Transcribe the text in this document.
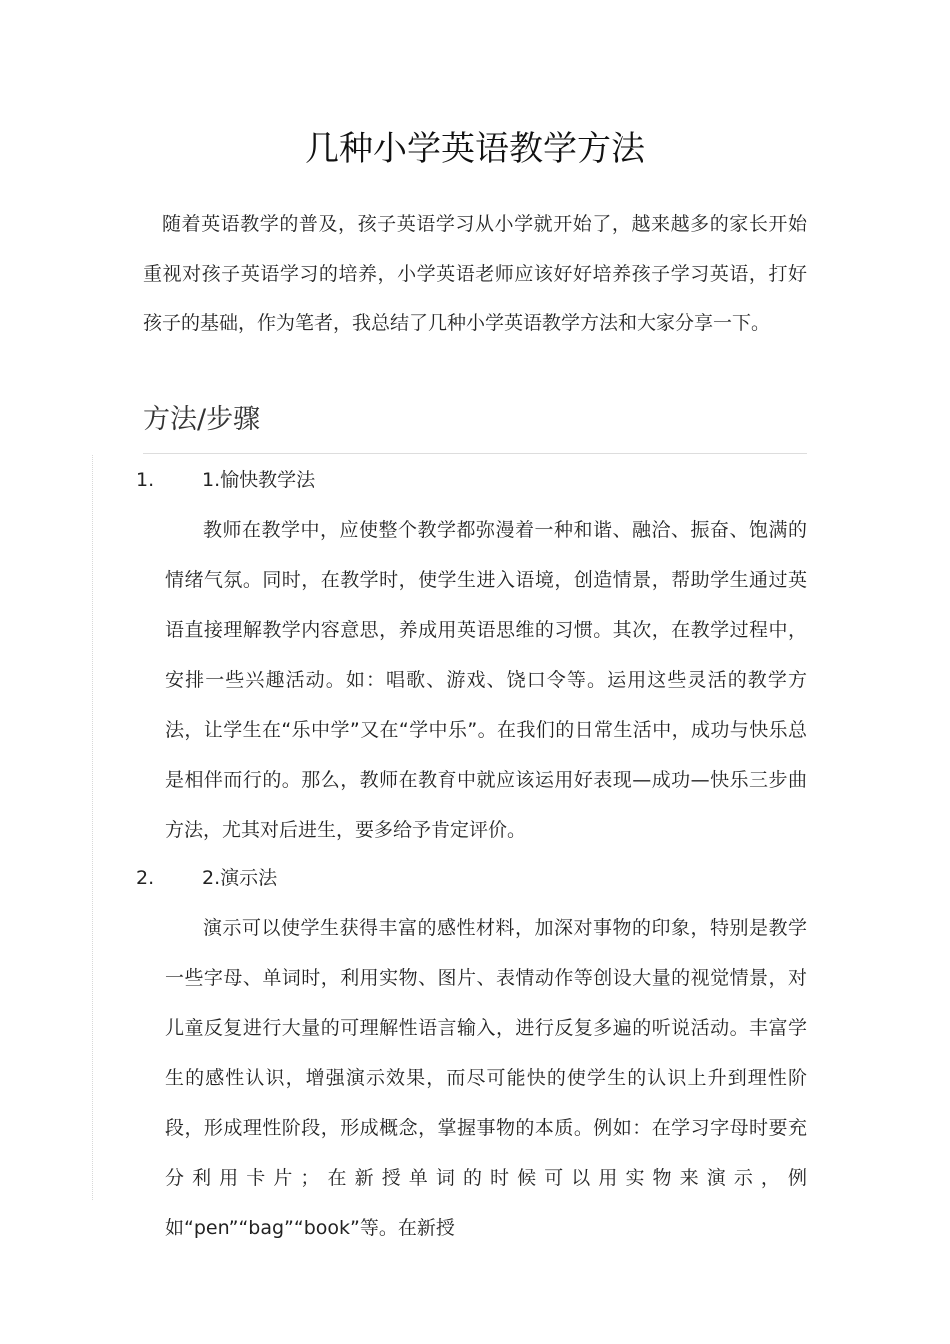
几种小学英语教学方法

随着英语教学的普及，孩子英语学习从小学就开始了，越来越多的家长开始重视对孩子英语学习的培养，小学英语老师应该好好培养孩子学习英语，打好孩子的基础，作为笔者，我总结了几种小学英语教学方法和大家分享一下。

方法/步骤
1.	1.愉快教学法

教师在教学中，应使整个教学都弥漫着一种和谐、融洽、振奋、饱满的情绪气氛。同时，在教学时，使学生进入语境，创造情景，帮助学生通过英语直接理解教学内容意思，养成用英语思维的习惯。其次，在教学过程中，安排一些兴趣活动。如：唱歌、游戏、饶口令等。运用这些灵活的教学方法，让学生在“乐中学”又在“学中乐”。在我们的日常生活中，成功与快乐总是相伴而行的。那么，教师在教育中就应该运用好表现—成功—快乐三步曲方法，尤其对后进生，要多给予肯定评价。

2.	2.演示法

演示可以使学生获得丰富的感性材料，加深对事物的印象，特别是教学一些字母、单词时，利用实物、图片、表情动作等创设大量的视觉情景，对儿童反复进行大量的可理解性语言输入，进行反复多遍的听说活动。丰富学生的感性认识，增强演示效果，而尽可能快的使学生的认识上升到理性阶段，形成理性阶段，形成概念，掌握事物的本质。例如：在学习字母时要充分利用卡片；在新授单词的时候可以用实物来演示，例如“pen”“bag”“book”等。在新授
